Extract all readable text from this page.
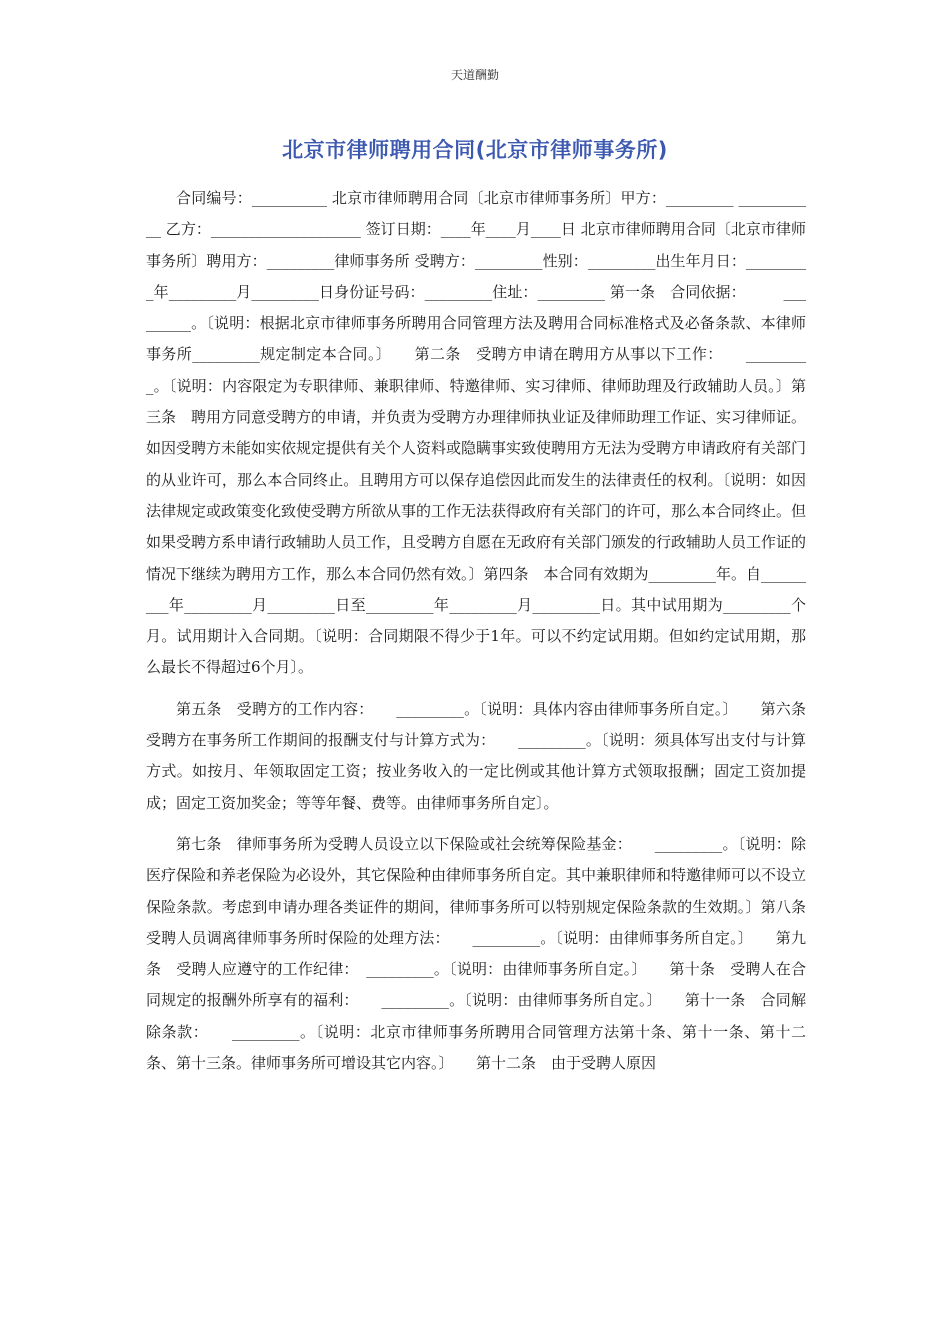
天道酬勤
北京市律师聘用合同(北京市律师事务所)

合同编号：__________ 北京市律师聘用合同〔北京市律师事务所〕甲方：_________ ___________ 乙方：____________________ 签订日期：____年____月____日 北京市律师聘用合同〔北京市律师事务所〕聘用方：_________律师事务所 受聘方：_________性别：_________出生年月日：_________年_________月_________日身份证号码：_________住址：_________ 第一条　合同依据：　　　_________。〔说明：根据北京市律师事务所聘用合同管理方法及聘用合同标准格式及必备条款、本律师事务所_________规定制定本合同。〕　　第二条　受聘方申请在聘用方从事以下工作：　　_________。〔说明：内容限定为专职律师、兼职律师、特邀律师、实习律师、律师助理及行政辅助人员。〕第三条　聘用方同意受聘方的申请，并负责为受聘方办理律师执业证及律师助理工作证、实习律师证。如因受聘方未能如实依规定提供有关个人资料或隐瞒事实致使聘用方无法为受聘方申请政府有关部门的从业许可，那么本合同终止。且聘用方可以保存追偿因此而发生的法律责任的权利。〔说明：如因法律规定或政策变化致使受聘方所欲从事的工作无法获得政府有关部门的许可，那么本合同终止。但如果受聘方系申请行政辅助人员工作，且受聘方自愿在无政府有关部门颁发的行政辅助人员工作证的情况下继续为聘用方工作，那么本合同仍然有效。〕第四条　本合同有效期为_________年。自_________年_________月_________日至_________年_________月_________日。其中试用期为_________个月。试用期计入合同期。〔说明：合同期限不得少于1年。可以不约定试用期。但如约定试用期，那么最长不得超过6个月〕。

第五条　受聘方的工作内容：　　_________。〔说明：具体内容由律师事务所自定。〕　　第六条　受聘方在事务所工作期间的报酬支付与计算方式为：　　_________。〔说明：须具体写出支付与计算方式。如按月、年领取固定工资；按业务收入的一定比例或其他计算方式领取报酬；固定工资加提成；固定工资加奖金；等等年餐、费等。由律师事务所自定〕。

第七条　律师事务所为受聘人员设立以下保险或社会统筹保险基金：　　_________。〔说明：除医疗保险和养老保险为必设外，其它保险种由律师事务所自定。其中兼职律师和特邀律师可以不设立保险条款。考虑到申请办理各类证件的期间，律师事务所可以特别规定保险条款的生效期。〕第八条　受聘人员调离律师事务所时保险的处理方法：　　_________。〔说明：由律师事务所自定。〕　　第九条　受聘人应遵守的工作纪律：　_________。〔说明：由律师事务所自定。〕　　第十条　受聘人在合同规定的报酬外所享有的福利：　　_________。〔说明：由律师事务所自定。〕　　第十一条　合同解除条款：　　_________。〔说明：北京市律师事务所聘用合同管理方法第十条、第十一条、第十二条、第十三条。律师事务所可增设其它内容。〕　　第十二条　由于受聘人原因
